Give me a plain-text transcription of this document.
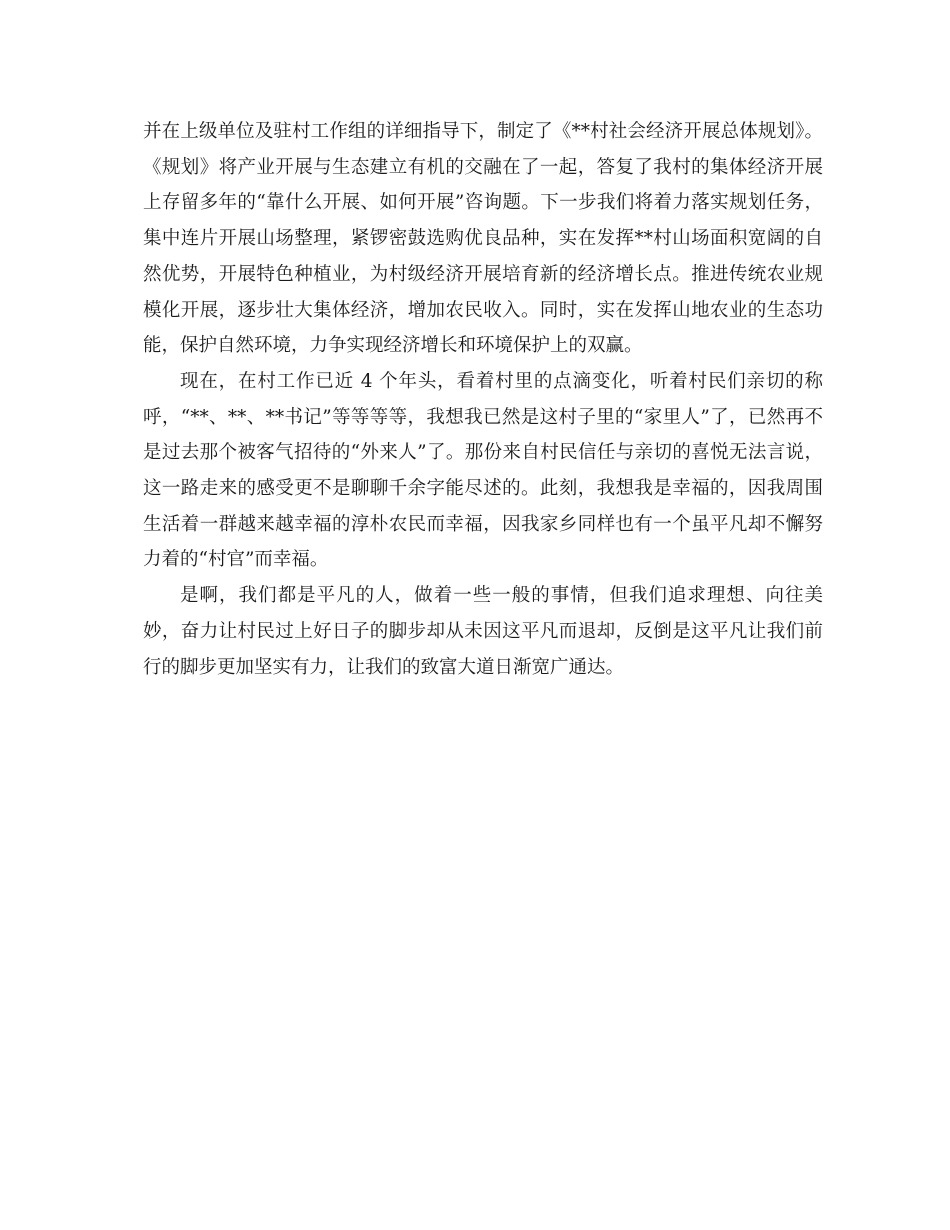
并在上级单位及驻村工作组的详细指导下，制定了《**村社会经济开展总体规划》。《规划》将产业开展与生态建立有机的交融在了一起，答复了我村的集体经济开展上存留多年的“靠什么开展、如何开展”咨询题。下一步我们将着力落实规划任务，集中连片开展山场整理，紧锣密鼓选购优良品种，实在发挥**村山场面积宽阔的自然优势，开展特色种植业，为村级经济开展培育新的经济增长点。推进传统农业规模化开展，逐步壮大集体经济，增加农民收入。同时，实在发挥山地农业的生态功能，保护自然环境，力争实现经济增长和环境保护上的双赢。

现在，在村工作已近 4 个年头，看着村里的点滴变化，听着村民们亲切的称呼，“**、**、**书记”等等等等，我想我已然是这村子里的“家里人”了，已然再不是过去那个被客气招待的“外来人”了。那份来自村民信任与亲切的喜悦无法言说，这一路走来的感受更不是聊聊千余字能尽述的。此刻，我想我是幸福的，因我周围生活着一群越来越幸福的淳朴农民而幸福，因我家乡同样也有一个虽平凡却不懈努力着的“村官”而幸福。

是啊，我们都是平凡的人，做着一些一般的事情，但我们追求理想、向往美妙，奋力让村民过上好日子的脚步却从未因这平凡而退却，反倒是这平凡让我们前行的脚步更加坚实有力，让我们的致富大道日渐宽广通达。
